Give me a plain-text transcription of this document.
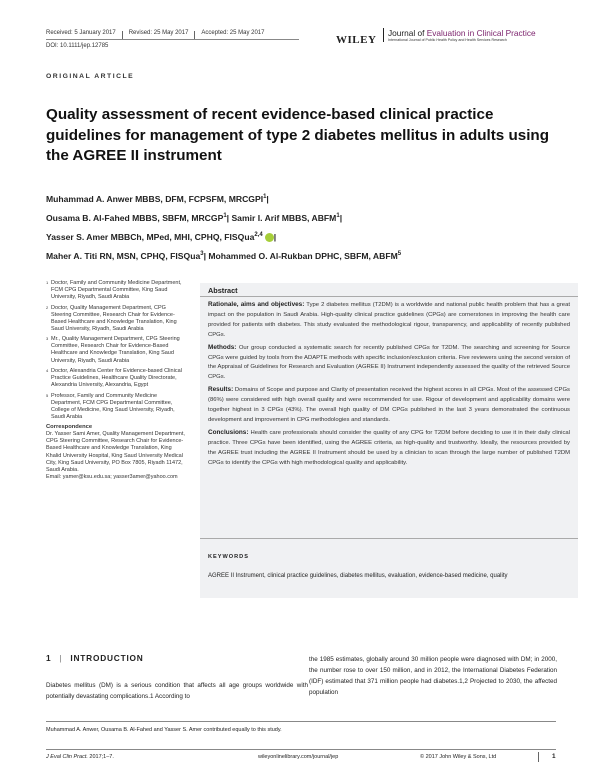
Received: 5 January 2017	Revised: 25 May 2017	Accepted: 25 May 2017
DOI: 10.1111/jep.12785	WILEY
Journal of Evaluation in Clinical Practice
International Journal of Public Health Policy and Health Services Research
ORIGINAL ARTICLE
Quality assessment of recent evidence-based clinical practice guidelines for management of type 2 diabetes mellitus in adults using the AGREE II instrument
Muhammad A. Anwer MBBS, DFM, FCPSFM, MRCGPI$^1$|
Ousama B. Al-Fahed MBBS, SBFM, MRCGP$^1$| Samir I. Arif MBBS, ABFM$^1$|
Yasser S. Amer MBBCh, MPed, MHI, CPHQ, FISQua$^{2,4}$ |
Maher A. Titi RN, MSN, CPHQ, FISQua$^3$| Mohammed O. Al-Rukban DPHC, SBFM, ABFM$^5$
1 Doctor, Family and Community Medicine Department, FCM CPG Departmental Committee, King Saud University, Riyadh, Saudi Arabia
2 Doctor, Quality Management Department, CPG Steering Committee, Research Chair for Evidence-Based Healthcare and Knowledge Translation, King Saud University, Riyadh, Saudi Arabia
3 Mr., Quality Management Department, CPG Steering Committee, Research Chair for Evidence-Based Healthcare and Knowledge Translation, King Saud University, Riyadh, Saudi Arabia
4 Doctor, Alexandria Center for Evidence-based Clinical Practice Guidelines, Healthcare Quality Directorate, Alexandria University, Alexandria, Egypt
5 Professor, Family and Community Medicine Department, FCM CPG Departmental Committee, College of Medicine, King Saud University, Riyadh, Saudi Arabia
Correspondence
Dr. Yasser Sami Amer, Quality Management Department, CPG Steering Committee, Research Chair for Evidence-Based Healthcare and Knowledge Translation, King Khalid University Hospital, King Saud University Medical City, King Saud University, PO Box 7805, Riyadh 11472, Saudi Arabia.
Email: yamer@ksu.edu.sa; yasser3amer@yahoo.com
Abstract

Rationale, aims and objectives: Type 2 diabetes mellitus (T2DM) is a worldwide and national public health problem that has a great impact on the population in Saudi Arabia. High-quality clinical practice guidelines (CPGs) are cornerstones in improving the health care provided for patients with diabetes. This study evaluated the methodological rigour, transparency, and applicability of recently published CPGs.

Methods: Our group conducted a systematic search for recently published CPGs for T2DM. The searching and screening for Source CPGs were guided by tools from the ADAPTE methods with specific inclusion/exclusion criteria. Five reviewers using the second version of the Appraisal of Guidelines for Research and Evaluation (AGREE II) Instrument independently assessed the quality of the retrieved Source CPGs.

Results: Domains of Scope and purpose and Clarity of presentation received the highest scores in all CPGs. Most of the assessed CPGs (86%) were considered with high overall quality and were recommended for use. Rigour of development and applicability domains were together highest in 3 CPGs (43%). The overall high quality of DM CPGs published in the last 3 years demonstrated the continuous development and improvement in CPG methodologies and standards.

Conclusions: Health care professionals should consider the quality of any CPG for T2DM before deciding to use it in their daily clinical practice. Three CPGs have been identified, using the AGREE criteria, as high-quality and trustworthy. Ideally, the resources provided by the AGREE trust including the AGREE II Instrument should be used by a clinician to scan through the large number of published T2DM CPGs to identify the CPGs with high methodological quality and applicability.

KEYWORDS
AGREE II Instrument, clinical practice guidelines, diabetes mellitus, evaluation, evidence-based medicine, quality
1 | INTRODUCTION
Diabetes mellitus (DM) is a serious condition that affects all age groups worldwide with potentially devastating complications.1 According to
the 1985 estimates, globally around 30 million people were diagnosed with DM; in 2000, the number rose to over 150 million, and in 2012, the International Diabetes Federation (IDF) estimated that 371 million people had diabetes.1,2 Projected to 2030, the affected population
Muhammad A. Anwer, Ousama B. Al-Fahed and Yasser S. Amer contributed equally to this study.
J Eval Clin Pract. 2017;1–7.	wileyonlinelibrary.com/journal/jep	© 2017 John Wiley & Sons, Ltd	1
